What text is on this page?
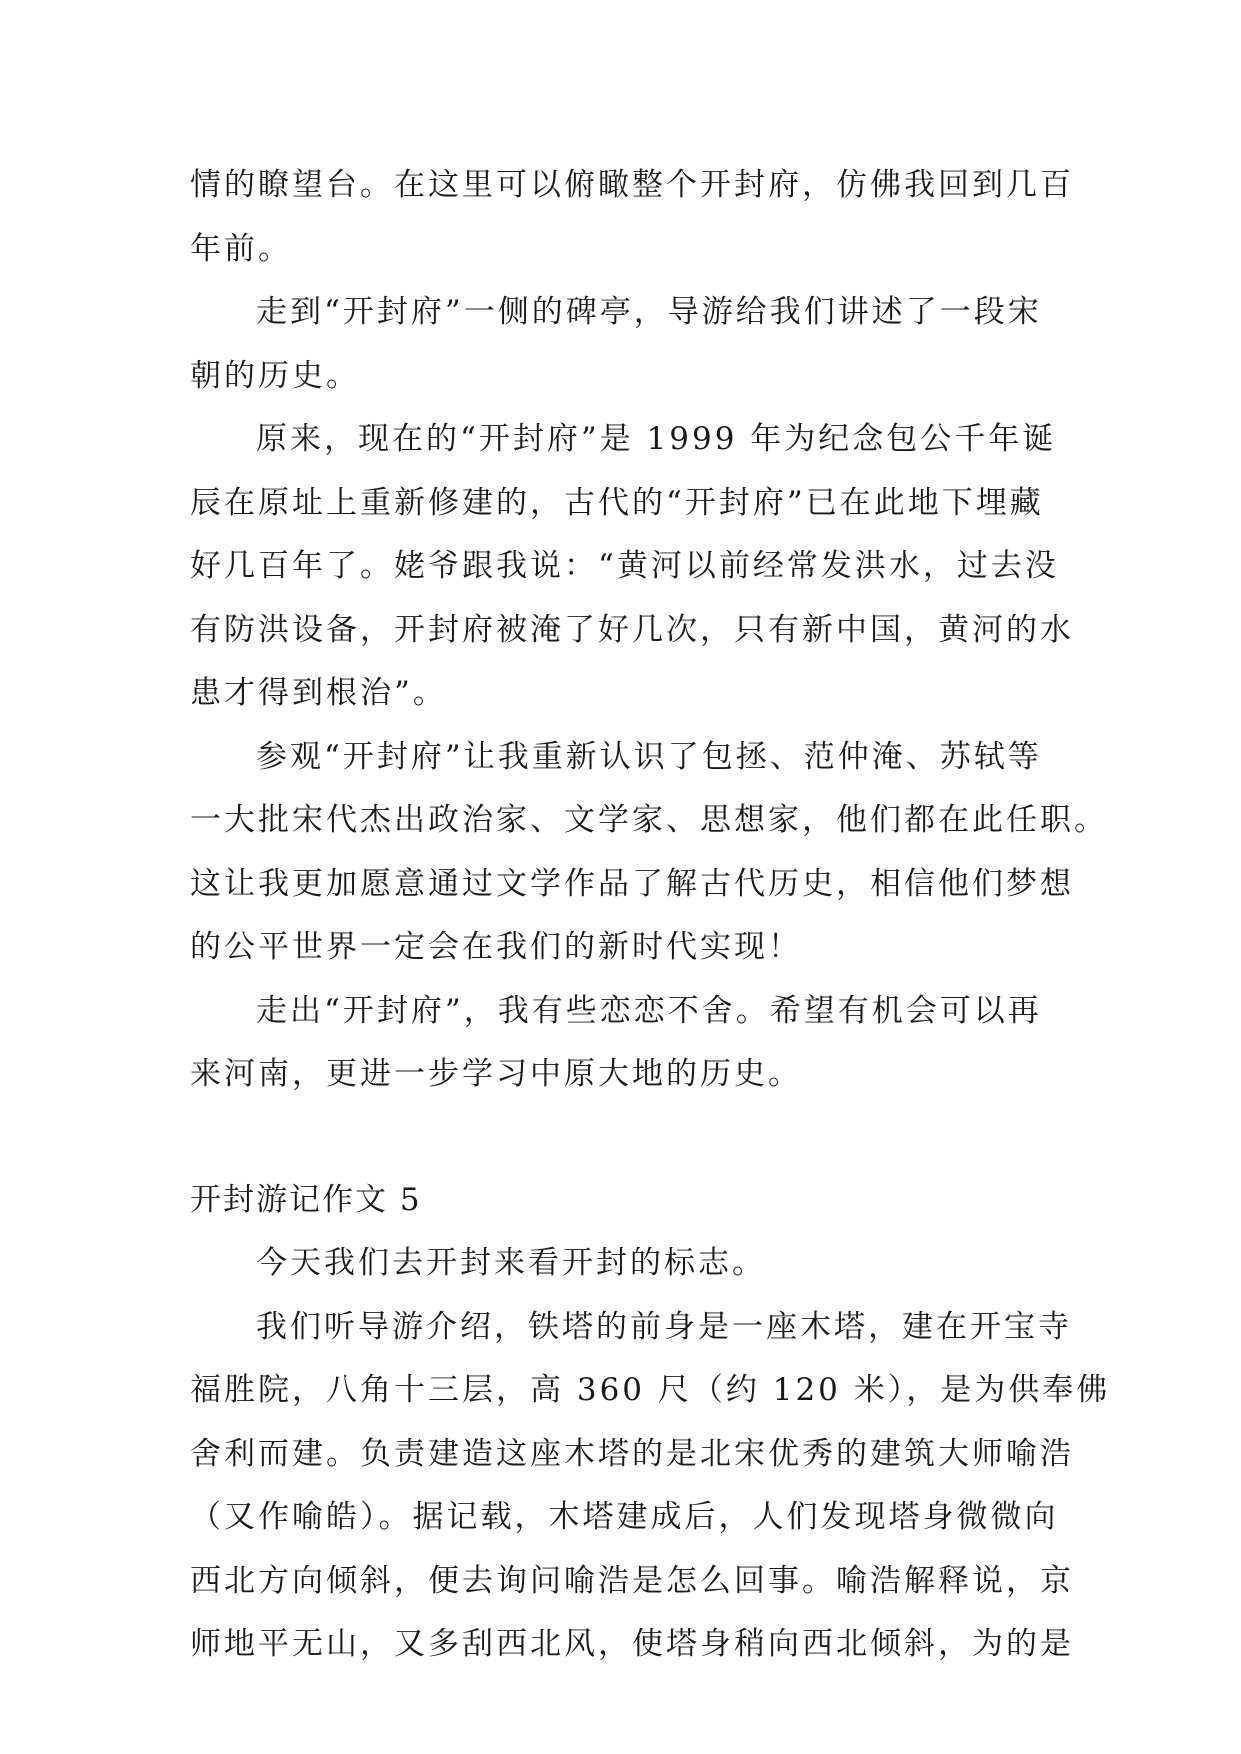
情的瞭望台。在这里可以俯瞰整个开封府，仿佛我回到几百
年前。
走到“开封府”一侧的碑亭，导游给我们讲述了一段宋
朝的历史。
原来，现在的“开封府”是 1999 年为纪念包公千年诞
辰在原址上重新修建的，古代的“开封府”已在此地下埋藏
好几百年了。姥爷跟我说：“黄河以前经常发洪水，过去没
有防洪设备，开封府被淹了好几次，只有新中国，黄河的水
患才得到根治”。
参观“开封府”让我重新认识了包拯、范仲淹、苏轼等
一大批宋代杰出政治家、文学家、思想家，他们都在此任职。
这让我更加愿意通过文学作品了解古代历史，相信他们梦想
的公平世界一定会在我们的新时代实现！
走出“开封府”，我有些恋恋不舍。希望有机会可以再
来河南，更进一步学习中原大地的历史。
开封游记作文 5
今天我们去开封来看开封的标志。
我们听导游介绍，铁塔的前身是一座木塔，建在开宝寺
福胜院，八角十三层，高 360 尺（约 120 米），是为供奉佛
舍利而建。负责建造这座木塔的是北宋优秀的建筑大师喻浩
（又作喻皓）。据记载，木塔建成后，人们发现塔身微微向
西北方向倾斜，便去询问喻浩是怎么回事。喻浩解释说，京
师地平无山，又多刮西北风，使塔身稍向西北倾斜，为的是
